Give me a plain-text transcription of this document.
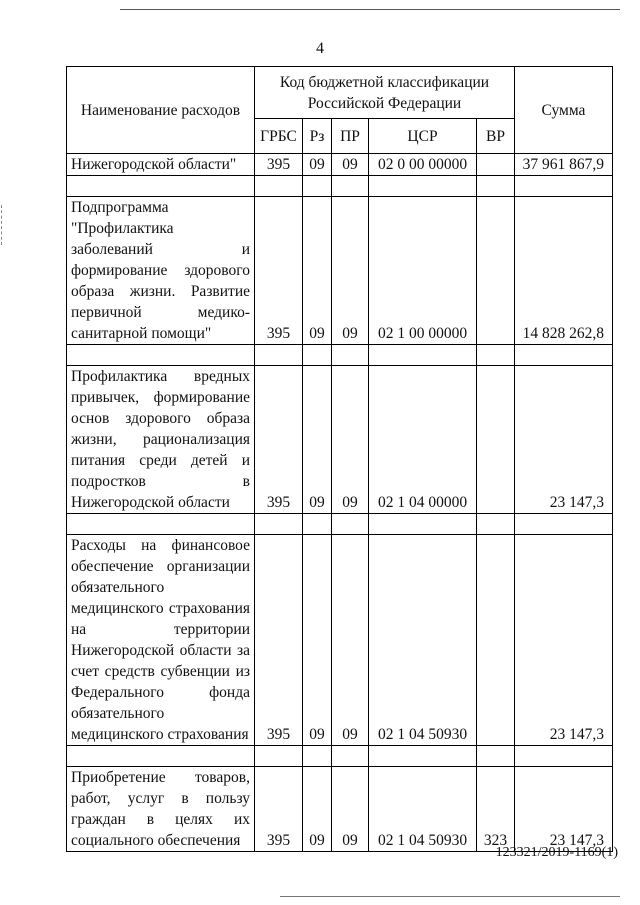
4
Наименование расходов	Код бюджетной классификации Российской Федерации					Сумма
	ГРБС	Рз	ПР	ЦСР	ВР	
Нижегородской области"	395	09	09	02 0 00 00000		37 961 867,9

Подпрограмма "Профилактика заболеваний и формирование здорового образа жизни. Развитие первичной медико-санитарной помощи"	395	09	09	02 1 00 00000		14 828 262,8

Профилактика вредных привычек, формирование основ здорового образа жизни, рационализация питания среди детей и подростков в Нижегородской области	395	09	09	02 1 04 00000		23 147,3

Расходы на финансовое обеспечение организации обязательного медицинского страхования на территории Нижегородской области за счет средств субвенции из Федерального фонда обязательного медицинского страхования	395	09	09	02 1 04 50930		23 147,3

Приобретение товаров, работ, услуг в пользу граждан в целях их социального обеспечения	395	09	09	02 1 04 50930	323	23 147,3
123321/2019-1169(1)
